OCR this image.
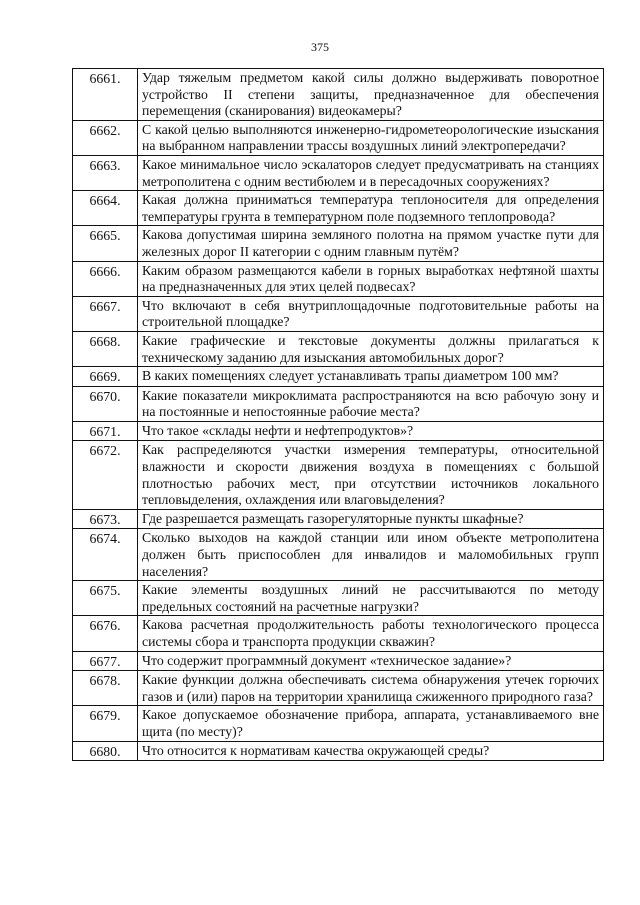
375
6661.	Удар тяжелым предметом какой силы должно выдерживать поворотное устройство II степени защиты, предназначенное для обеспечения перемещения (сканирования) видеокамеры?
6662.	С какой целью выполняются инженерно-гидрометеорологические изыскания на выбранном направлении трассы воздушных линий электропередачи?
6663.	Какое минимальное число эскалаторов следует предусматривать на станциях метрополитена с одним вестибюлем и в пересадочных сооружениях?
6664.	Какая должна приниматься температура теплоносителя для определения температуры грунта в температурном поле подземного теплопровода?
6665.	Какова допустимая ширина земляного полотна на прямом участке пути для железных дорог II категории с одним главным путём?
6666.	Каким образом размещаются кабели в горных выработках нефтяной шахты на предназначенных для этих целей подвесах?
6667.	Что включают в себя внутриплощадочные подготовительные работы на строительной площадке?
6668.	Какие графические и текстовые документы должны прилагаться к техническому заданию для изыскания автомобильных дорог?
6669.	В каких помещениях следует устанавливать трапы диаметром 100 мм?
6670.	Какие показатели микроклимата распространяются на всю рабочую зону и на постоянные и непостоянные рабочие места?
6671.	Что такое «склады нефти и нефтепродуктов»?
6672.	Как распределяются участки измерения температуры, относительной влажности и скорости движения воздуха в помещениях с большой плотностью рабочих мест, при отсутствии источников локального тепловыделения, охлаждения или влаговыделения?
6673.	Где разрешается размещать газорегуляторные пункты шкафные?
6674.	Сколько выходов на каждой станции или ином объекте метрополитена должен быть приспособлен для инвалидов и маломобильных групп населения?
6675.	Какие элементы воздушных линий не рассчитываются по методу предельных состояний на расчетные нагрузки?
6676.	Какова расчетная продолжительность работы технологического процесса системы сбора и транспорта продукции скважин?
6677.	Что содержит программный документ «техническое задание»?
6678.	Какие функции должна обеспечивать система обнаружения утечек горючих газов и (или) паров на территории хранилища сжиженного природного газа?
6679.	Какое допускаемое обозначение прибора, аппарата, устанавливаемого вне щита (по месту)?
6680.	Что относится к нормативам качества окружающей среды?
